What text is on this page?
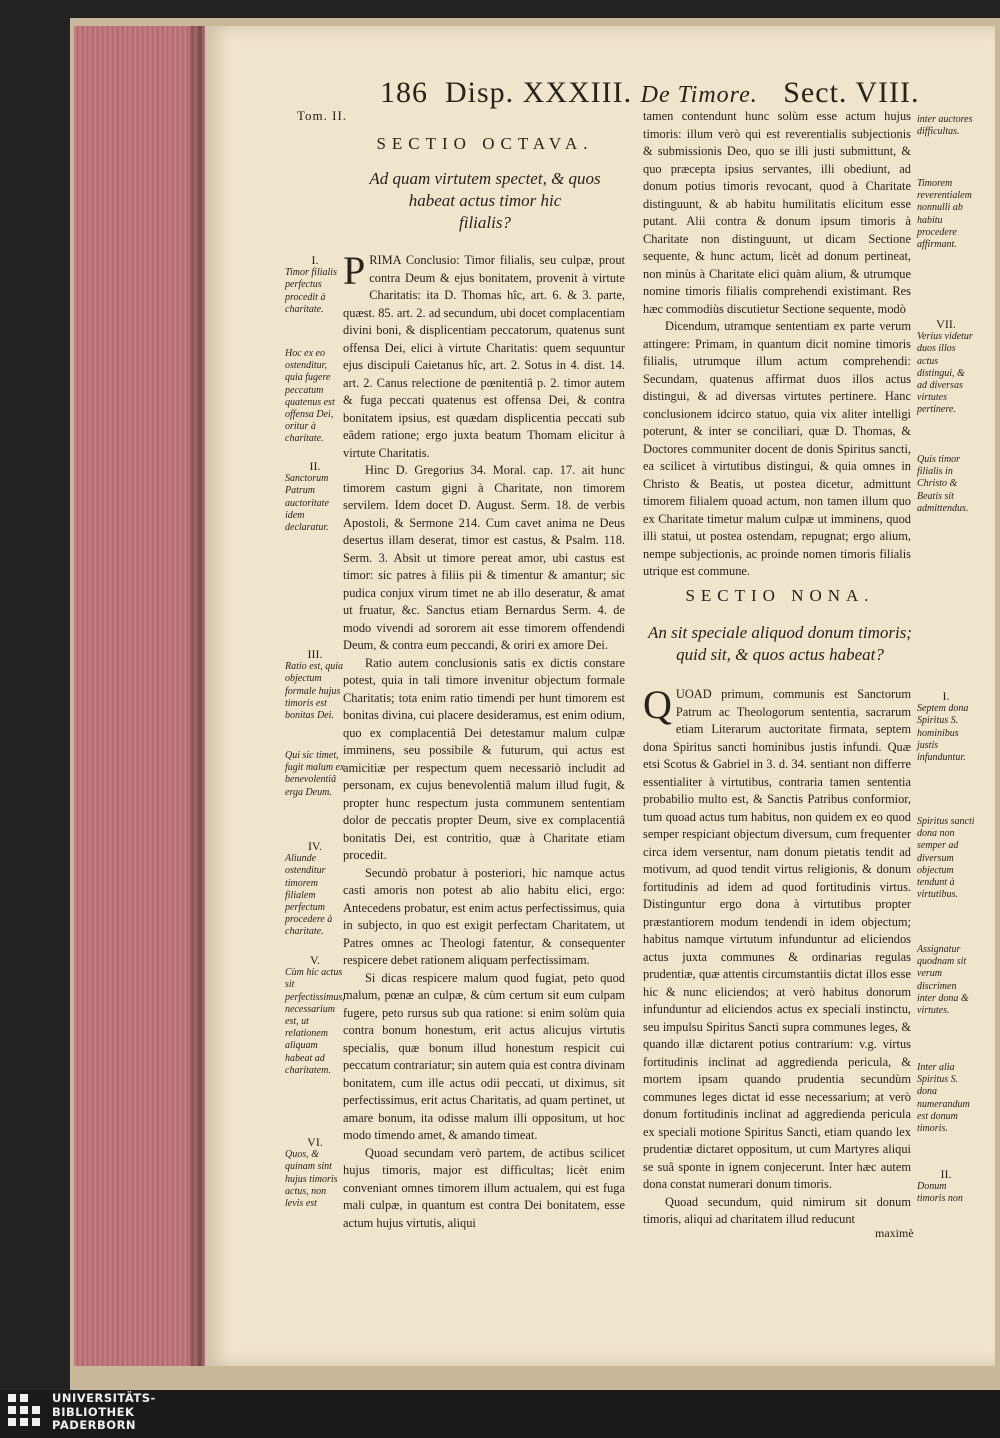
186 Disp. XXXIII. De Timore. Sect. VIII.
Tom. II.
SECTIO OCTAVA.
Ad quam virtutem spectet, & quos
habeat actus timor hic
filialis?

PRIMA Conclusio: Timor filialis, seu culpæ, prout contra Deum & ejus bonitatem, provenit à virtute Charitatis: ita D. Thomas hîc, art. 6. & 3. parte, quæst. 85. art. 2. ad secundum, ubi docet complacentiam divini boni, & displicentiam peccatorum, quatenus sunt offensa Dei, elici à virtute Charitatis: quem sequuntur ejus discipuli Caietanus hîc, art. 2. Sotus in 4. dist. 14. art. 2. Canus relectione de pœnitentiâ p. 2. timor autem & fuga peccati quatenus est offensa Dei, & contra bonitatem ipsius, est quædam displicentia peccati sub eâdem ratione; ergo juxta beatum Thomam elicitur à virtute Charitatis.

Hinc D. Gregorius 34. Moral. cap. 17. ait hunc timorem castum gigni à Charitate, non timorem servilem. Idem docet D. August. Serm. 18. de verbis Apostoli, & Sermone 214. Cum cavet anima ne Deus desertus illam deserat, timor est castus, & Psalm. 118. Serm. 3. Absit ut timore pereat amor, ubi castus est timor: sic patres à filiis pii & timentur & amantur; sic pudica conjux virum timet ne ab illo deseratur, & amat ut fruatur, &c. Sanctus etiam Bernardus Serm. 4. de modo vivendi ad sororem ait esse timorem offendendi Deum, & contra eum peccandi, & oriri ex amore Dei.

Ratio autem conclusionis satis ex dictis constare potest, quia in tali timore invenitur objectum formale Charitatis; tota enim ratio timendi per hunt timorem est bonitas divina, cui placere desideramus, est enim odium, quo ex complacentiâ Dei detestamur malum culpæ imminens, seu possibile & futurum, qui actus est amicitiæ per respectum quem necessariò includit ad personam, ex cujus benevolentiâ malum illud fugit, & propter hunc respectum justa communem sententiam dolor de peccatis propter Deum, sive ex complacentiâ bonitatis Dei, est contritio, quæ à Charitate etiam procedit.

Secundò probatur à posteriori, hic namque actus casti amoris non potest ab alio habitu elici, ergo: Antecedens probatur, est enim actus perfectissimus, quia in subjecto, in quo est exigit perfectam Charitatem, ut Patres omnes ac Theologi fatentur, & consequenter respicere debet rationem aliquam perfectissimam.

Si dicas respicere malum quod fugiat, peto quod malum, pœnæ an culpæ, & cùm certum sit eum culpam fugere, peto rursus sub qua ratione: si enim solùm quia contra bonum honestum, erit actus alicujus virtutis specialis, quæ bonum illud honestum respicit cui peccatum contrariatur; sin autem quia est contra divinam bonitatem, cum ille actus odii peccati, ut diximus, sit perfectissimus, erit actus Charitatis, ad quam pertinet, ut amare bonum, ita odisse malum illi oppositum, ut hoc modo timendo amet, & amando timeat.

Quoad secundam verò partem, de actibus scilicet hujus timoris, major est difficultas; licèt enim conveniant omnes timorem illum actualem, qui est fuga mali culpæ, in quantum est contra Dei bonitatem, esse actum hujus virtutis, aliqui

I.
Timor filialis perfectus procedit à charitate.
Hoc ex eo ostenditur, quia fugere peccatum quatenus est offensa Dei, oritur à charitate.
II.
Sanctorum Patrum auctoritate idem declaratur.
III.
Ratio est, quia objectum formale hujus timoris est bonitas Dei.
Qui sic timet, fugit malum ex benevolentiâ erga Deum.
IV.
Aliunde ostenditur timorem filialem perfectum procedere à charitate.
V.
Cùm hic actus sit perfectissimus, necessarium est, ut relationem aliquam habeat ad charitatem.
VI.
Quos, & quinam sint hujus timoris actus, non levis est

tamen contendunt hunc solùm esse actum hujus timoris: illum verò qui est reverentialis subjectionis & submissionis Deo, quo se illi justi submittunt, & quo præcepta ipsius servantes, illi obediunt, ad donum potius timoris revocant, quod à Charitate distinguunt, & ab habitu humilitatis elicitum esse putant. Alii contra & donum ipsum timoris à Charitate non distinguunt, ut dicam Sectione sequente, & hunc actum, licèt ad donum pertineat, non minùs à Charitate elici quàm alium, & utrumque nomine timoris filialis comprehendi existimant. Res hæc commodiùs discutietur Sectione sequente, modò

Dicendum, utramque sententiam ex parte verum attingere: Primam, in quantum dicit nomine timoris filialis, utrumque illum actum comprehendi: Secundam, quatenus affirmat duos illos actus distingui, & ad diversas virtutes pertinere. Hanc conclusionem idcirco statuo, quia vix aliter intelligi poterunt, & inter se conciliari, quæ D. Thomas, & Doctores communiter docent de donis Spiritus sancti, ea scilicet à virtutibus distingui, & quia omnes in Christo & Beatis, ut postea dicetur, admittunt timorem filialem quoad actum, non tamen illum quo ex Charitate timetur malum culpæ ut imminens, quod illi statui, ut postea ostendam, repugnat; ergo alium, nempe subjectionis, ac proinde nomen timoris filialis utrique est commune.

SECTIO NONA.
An sit speciale aliquod donum timoris;
quid sit, & quos actus habeat?

QUOAD primum, communis est Sanctorum Patrum ac Theologorum sententia, sacrarum etiam Literarum auctoritate firmata, septem dona Spiritus sancti hominibus justis infundi. Quæ etsi Scotus & Gabriel in 3. d. 34. sentiant non differre essentialiter à virtutibus, contraria tamen sententia probabilio multo est, & Sanctis Patribus conformior, tum quoad actus tum habitus, non quidem ex eo quod semper respiciant objectum diversum, cum frequenter circa idem versentur, nam donum pietatis tendit ad motivum, ad quod tendit virtus religionis, & donum fortitudinis ad idem ad quod fortitudinis virtus. Distinguntur ergo dona à virtutibus propter præstantiorem modum tendendi in idem objectum; habitus namque virtutum infunduntur ad eliciendos actus juxta communes & ordinarias regulas prudentiæ, quæ attentis circumstantiis dictat illos esse hic & nunc eliciendos; at verò habitus donorum infunduntur ad eliciendos actus ex speciali instinctu, seu impulsu Spiritus Sancti supra communes leges, & quando illæ dictarent potius contrarium: v.g. virtus fortitudinis inclinat ad aggredienda pericula, & mortem ipsam quando prudentia secundùm communes leges dictat id esse necessarium; at verò donum fortitudinis inclinat ad aggredienda pericula ex speciali motione Spiritus Sancti, etiam quando lex prudentiæ dictaret oppositum, ut cum Martyres aliqui se suâ sponte in ignem conjecerunt. Inter hæc autem dona constat numerari donum timoris.

Quoad secundum, quid nimirum sit donum timoris, aliqui ad charitatem illud reducunt

maximè
inter auctores difficultas.
Timorem reverentialem nonnulli ab habitu procedere affirmant.
VII.
Verius videtur duos illos actus distingui, & ad diversas virtutes pertinere.
Quis timor filialis in Christo & Beatis sit admittendus.
I.
Septem dona Spiritus S. hominibus justis infunduntur.
Spiritus sancti dona non semper ad diversum objectum tendunt à virtutibus.
Assignatur quodnam sit verum discrimen inter dona & virtutes.
Inter alia Spiritus S. dona numerandum est donum timoris.
II.
Donum timoris non
UNIVERSITÄTS-
BIBLIOTHEK
PADERBORN
